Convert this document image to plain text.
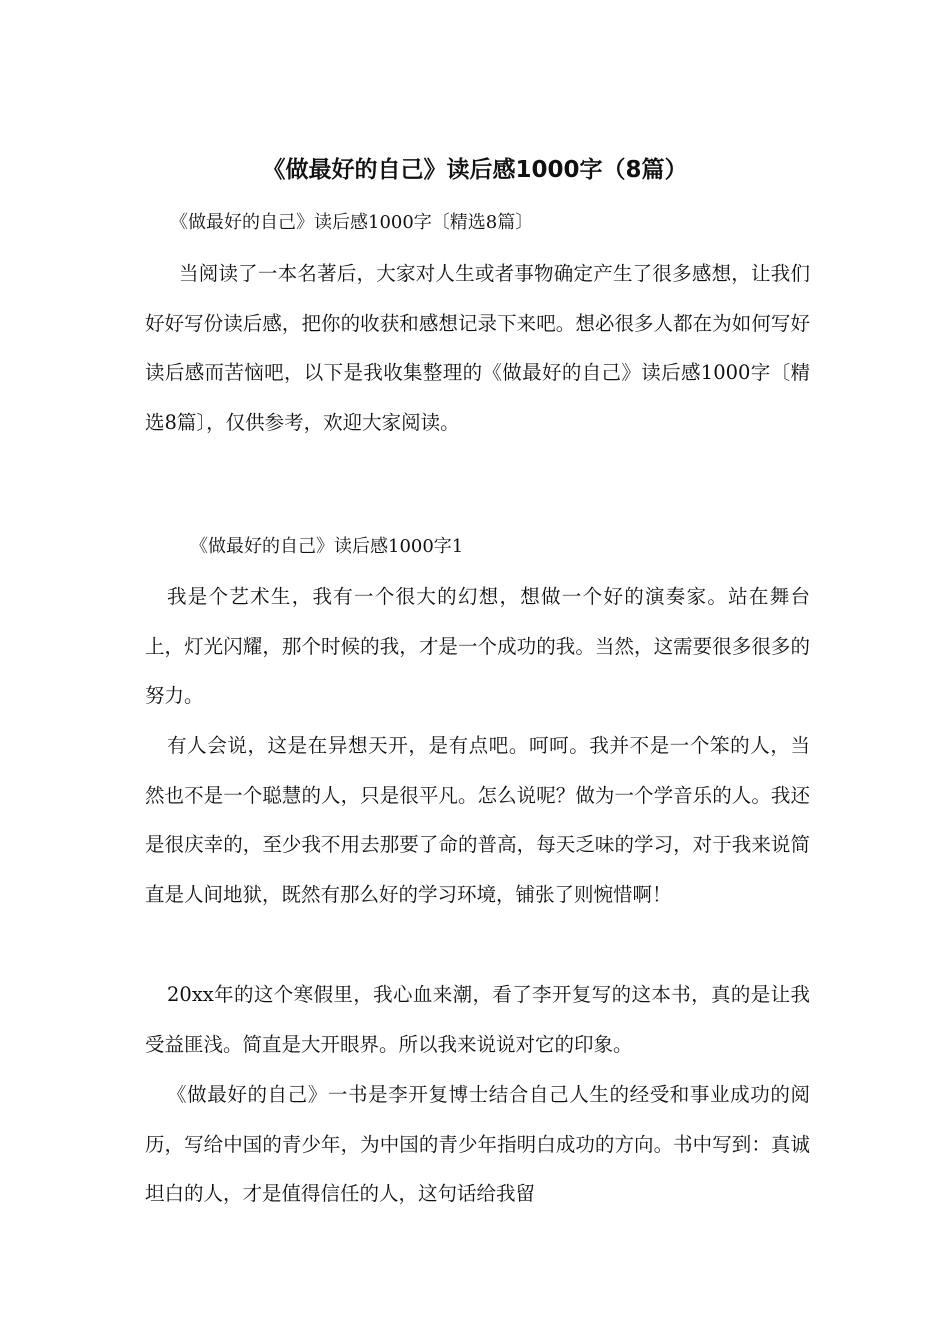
《做最好的自己》读后感1000字（8篇）

《做最好的自己》读后感1000字〔精选8篇〕

当阅读了一本名著后，大家对人生或者事物确定产生了很多感想，让我们好好写份读后感，把你的收获和感想记录下来吧。想必很多人都在为如何写好读后感而苦恼吧，以下是我收集整理的《做最好的自己》读后感1000字〔精选8篇〕，仅供参考，欢迎大家阅读。

《做最好的自己》读后感1000字1

我是个艺术生，我有一个很大的幻想，想做一个好的演奏家。站在舞台上，灯光闪耀，那个时候的我，才是一个成功的我。当然，这需要很多很多的努力。

有人会说，这是在异想天开，是有点吧。呵呵。我并不是一个笨的人，当然也不是一个聪慧的人，只是很平凡。怎么说呢？做为一个学音乐的人。我还是很庆幸的，至少我不用去那要了命的普高，每天乏味的学习，对于我来说简直是人间地狱，既然有那么好的学习环境，铺张了则惋惜啊！

20xx年的这个寒假里，我心血来潮，看了李开复写的这本书，真的是让我受益匪浅。简直是大开眼界。所以我来说说对它的印象。

《做最好的自己》一书是李开复博士结合自己人生的经受和事业成功的阅历，写给中国的青少年，为中国的青少年指明白成功的方向。书中写到：真诚坦白的人，才是值得信任的人，这句话给我留
